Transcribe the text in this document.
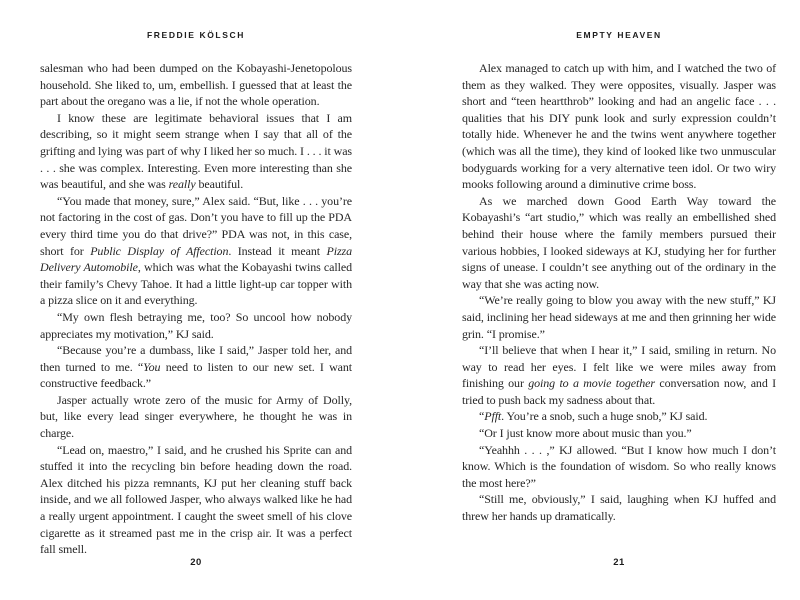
FREDDIE KÖLSCH

salesman who had been dumped on the Kobayashi-Jenetopolous household. She liked to, um, embellish. I guessed that at least the part about the oregano was a lie, if not the whole operation.

I know these are legitimate behavioral issues that I am describing, so it might seem strange when I say that all of the grifting and lying was part of why I liked her so much. I . . . it was . . . she was complex. Interesting. Even more interesting than she was beautiful, and she was really beautiful.

“You made that money, sure,” Alex said. “But, like . . . you’re not factoring in the cost of gas. Don’t you have to fill up the PDA every third time you do that drive?” PDA was not, in this case, short for Public Display of Affection. Instead it meant Pizza Delivery Automobile, which was what the Kobayashi twins called their family’s Chevy Tahoe. It had a little light-up car topper with a pizza slice on it and everything.

“My own flesh betraying me, too? So uncool how nobody appreciates my motivation,” KJ said.

“Because you’re a dumbass, like I said,” Jasper told her, and then turned to me. “You need to listen to our new set. I want constructive feedback.”

Jasper actually wrote zero of the music for Army of Dolly, but, like every lead singer everywhere, he thought he was in charge.

“Lead on, maestro,” I said, and he crushed his Sprite can and stuffed it into the recycling bin before heading down the road. Alex ditched his pizza remnants, KJ put her cleaning stuff back inside, and we all followed Jasper, who always walked like he had a really urgent appointment. I caught the sweet smell of his clove cigarette as it streamed past me in the crisp air. It was a perfect fall smell.

20
EMPTY HEAVEN

Alex managed to catch up with him, and I watched the two of them as they walked. They were opposites, visually. Jasper was short and “teen heartthrob” looking and had an angelic face . . . qualities that his DIY punk look and surly expression couldn’t totally hide. Whenever he and the twins went anywhere together (which was all the time), they kind of looked like two unmuscular bodyguards working for a very alternative teen idol. Or two wiry mooks following around a diminutive crime boss.

As we marched down Good Earth Way toward the Kobayashi’s “art studio,” which was really an embellished shed behind their house where the family members pursued their various hobbies, I looked sideways at KJ, studying her for further signs of unease. I couldn’t see anything out of the ordinary in the way that she was acting now.

“We’re really going to blow you away with the new stuff,” KJ said, inclining her head sideways at me and then grinning her wide grin. “I promise.”

“I’ll believe that when I hear it,” I said, smiling in return. No way to read her eyes. I felt like we were miles away from finishing our going to a movie together conversation now, and I tried to push back my sadness about that.

“Pfft. You’re a snob, such a huge snob,” KJ said.

“Or I just know more about music than you.”

“Yeahhh . . . ,” KJ allowed. “But I know how much I don’t know. Which is the foundation of wisdom. So who really knows the most here?”

“Still me, obviously,” I said, laughing when KJ huffed and threw her hands up dramatically.

21
